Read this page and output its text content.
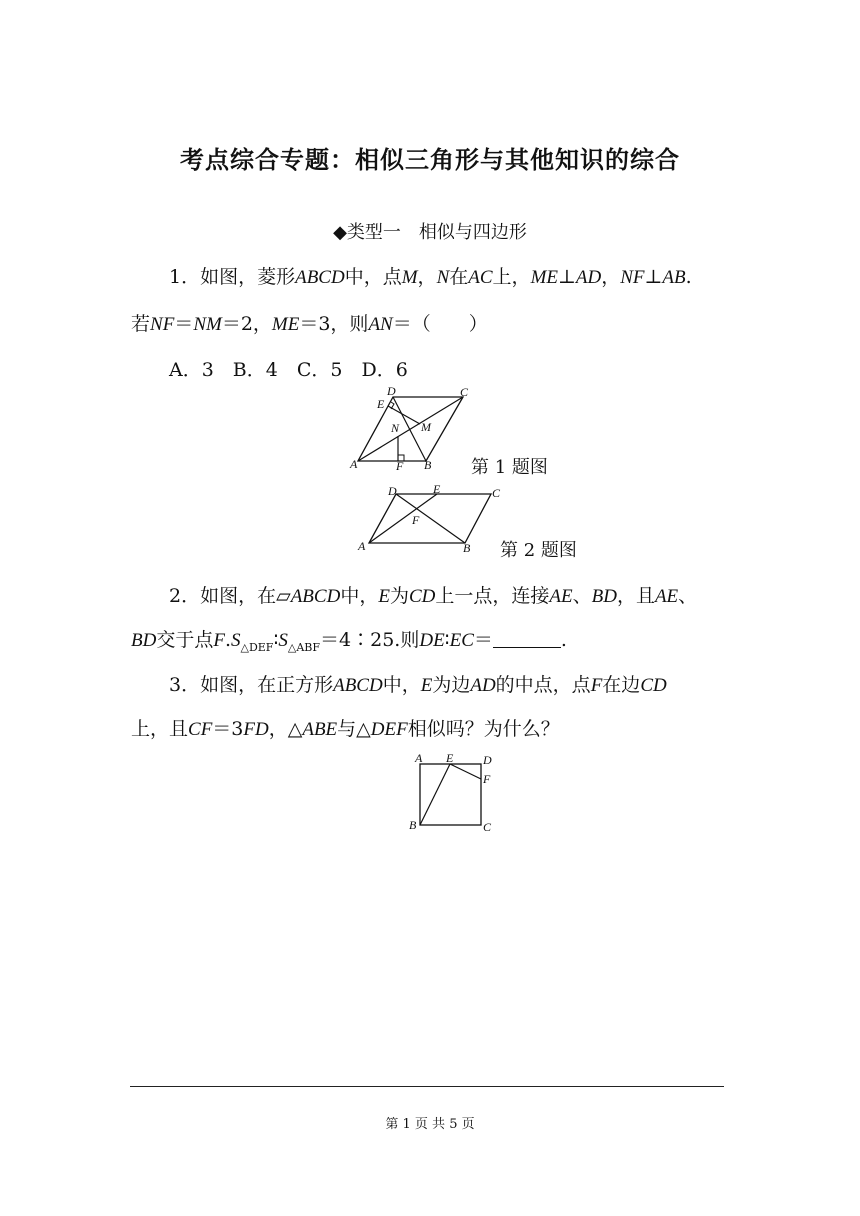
考点综合专题：相似三角形与其他知识的综合
◆类型一　相似与四边形
1．如图，菱形ABCD中，点M，N在AC上，ME⊥AD，NF⊥AB.
若NF＝NM＝2，ME＝3，则AN＝（　　）
A．3　B．4　C．5　D．6
D	C
E
N M
A	F B 第 1 题图
D	E	C
F
A	B 第 2 题图
2．如图，在▱ABCD中，E为CD上一点，连接AE、BD，且AE、
BD交于点$F.S_{\triangle DEF}∶S_{\triangle ABF}=4∶25$.则DE∶EC＝	.
3．如图，在正方形ABCD中，E为边AD的中点，点F在边CD
上，且CF＝3FD，△ABE与△DEF相似吗？为什么？
A E D
F
B	C
第 1 页 共 5 页
